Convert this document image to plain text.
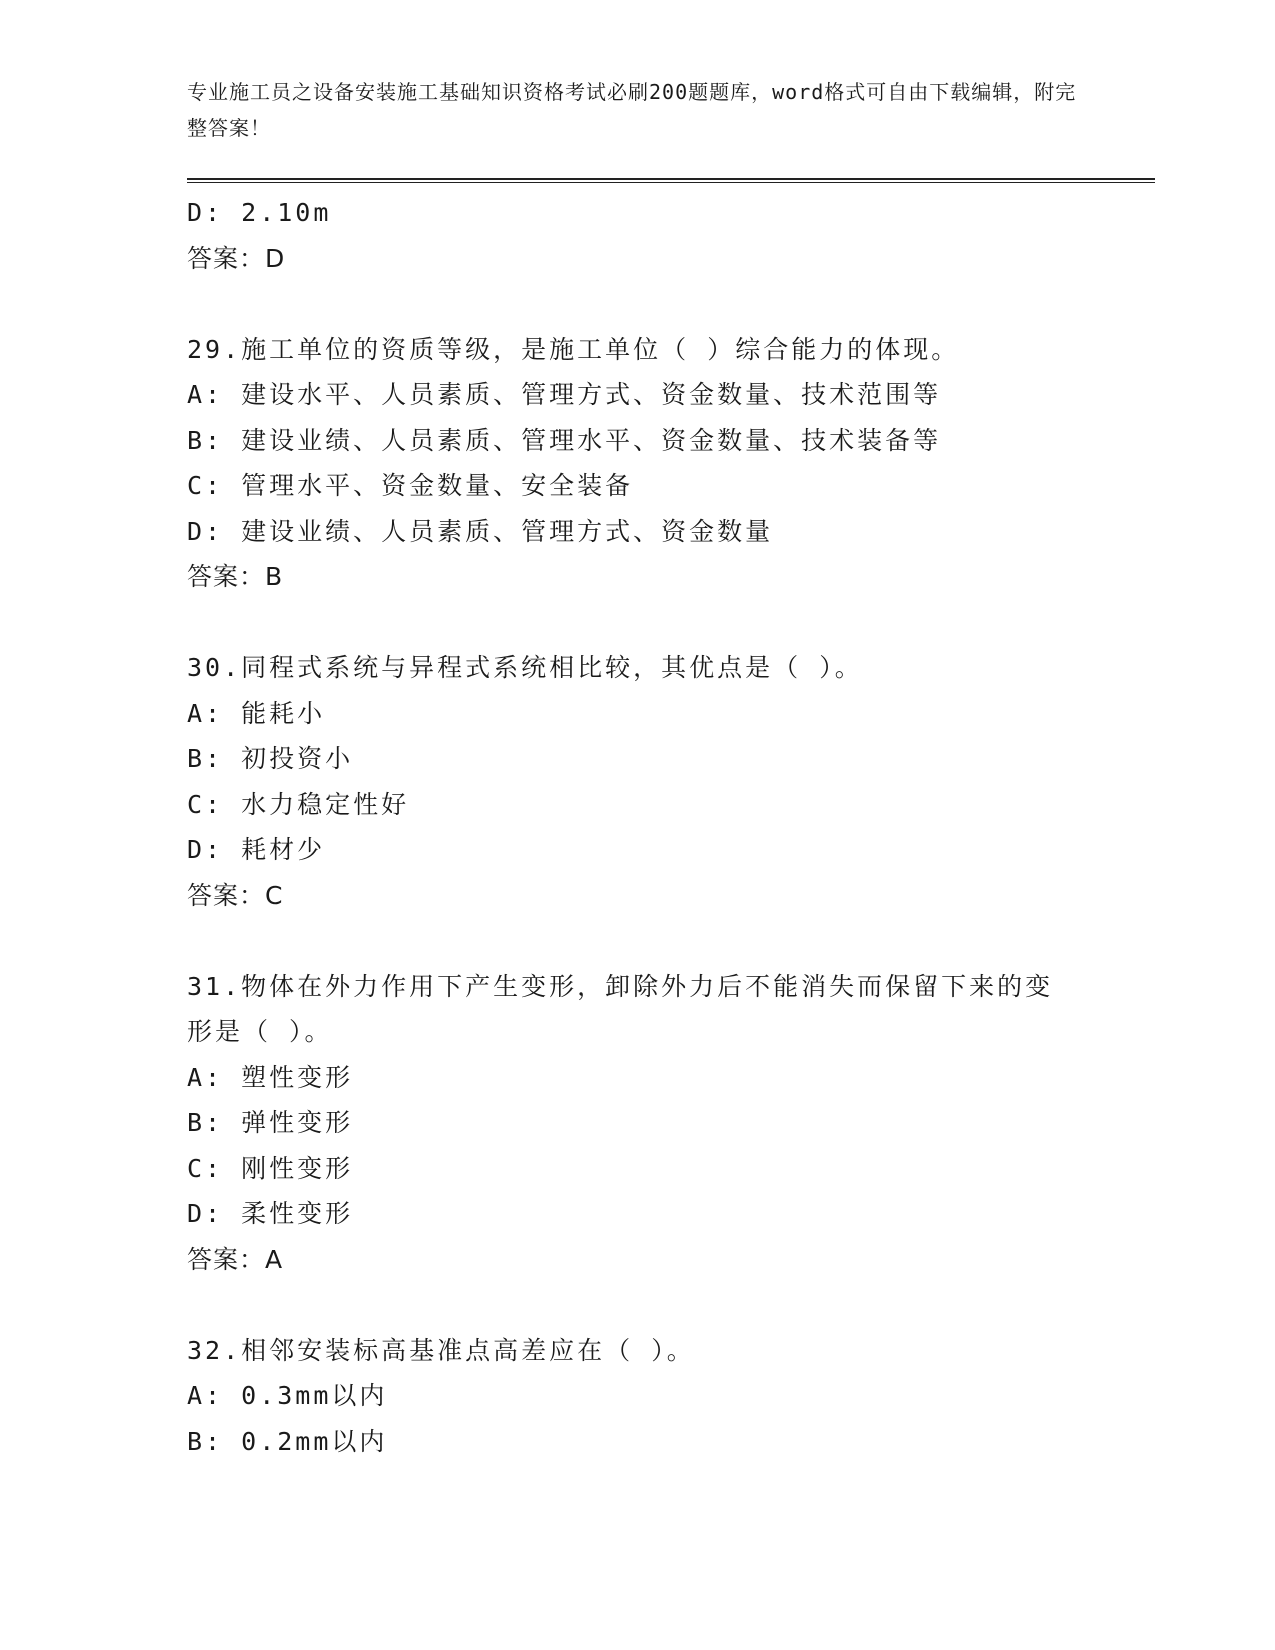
专业施工员之设备安装施工基础知识资格考试必刷200题题库，word格式可自由下载编辑，附完整答案！
D: 2.10m
答案：D
29.施工单位的资质等级，是施工单位（ ）综合能力的体现。
A: 建设水平、人员素质、管理方式、资金数量、技术范围等
B: 建设业绩、人员素质、管理水平、资金数量、技术装备等
C: 管理水平、资金数量、安全装备
D: 建设业绩、人员素质、管理方式、资金数量
答案：B
30.同程式系统与异程式系统相比较，其优点是（ ）。
A: 能耗小
B: 初投资小
C: 水力稳定性好
D: 耗材少
答案：C
31.物体在外力作用下产生变形，卸除外力后不能消失而保留下来的变形是（ ）。
A: 塑性变形
B: 弹性变形
C: 刚性变形
D: 柔性变形
答案：A
32.相邻安装标高基准点高差应在（ ）。
A: 0.3mm以内
B: 0.2mm以内
